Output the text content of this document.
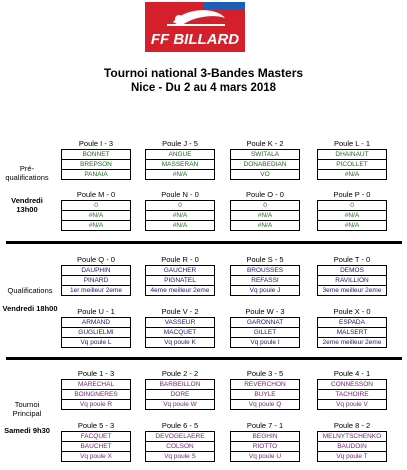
FF BILLARD
Tournoi national 3-Bandes Masters
Nice - Du 2 au 4 mars 2018
Pré-qualifications
Vendredi 13h00
Qualifications
Vendredi 18h00
Tournoi Principal
Samedi 9h30
Poule I - 3
BONNET
BREPSON
PANAIA
Poule J - 5
ANGUE
MASSERAN
#N/A
Poule K - 2
SWITALA
DONABEDIAN
VO
Poule L - 1
DHAINAUT
PICOLLET
#N/A
Poule M - 0
0
#N/A
#N/A
Poule N - 0
0
#N/A
#N/A
Poule O - 0
0
#N/A
#N/A
Poule P - 0
0
#N/A
#N/A
Poule Q - 0
DAUPHIN
PINARD
1er meilleur 2eme
Poule R - 0
GAUCHER
PIGNATEL
4eme meilleur 2eme
Poule S - 5
BROUSSES
REFASSI
Vq poule J
Poule T - 0
DEMOS
RAVILLION
3eme meilleur 2eme
Poule U - 1
ARMAND
GUGLIELMI
Vq poule L
Poule V - 2
VASSEUR
MACQUET
Vq poule K
Poule W - 3
GARONNAT
GILLET
Vq poule I
Poule X - 0
ESPADA
MALSERT
2eme meilleur 2eme
Poule 1 - 3
MARECHAL
BOINGNERES
Vq poule R
Poule 2 - 2
BARBEILLON
DORE
Vq poule W
Poule 3 - 5
REVERCHON
BUYLE
Vq poule Q
Poule 4 - 1
CONNESSON
TACHOIRE
Vq poule V
Poule 5 - 3
FACQUET
BAUCHET
Vq poule X
Poule 6 - 5
DEVOGELAERE
COLSON
Vq poule S
Poule 7 - 1
BEGHIN
RIOTTO
Vq poule U
Poule 8 - 2
MELNYTSCHENKO
BAUDOIN
Vq poule T
